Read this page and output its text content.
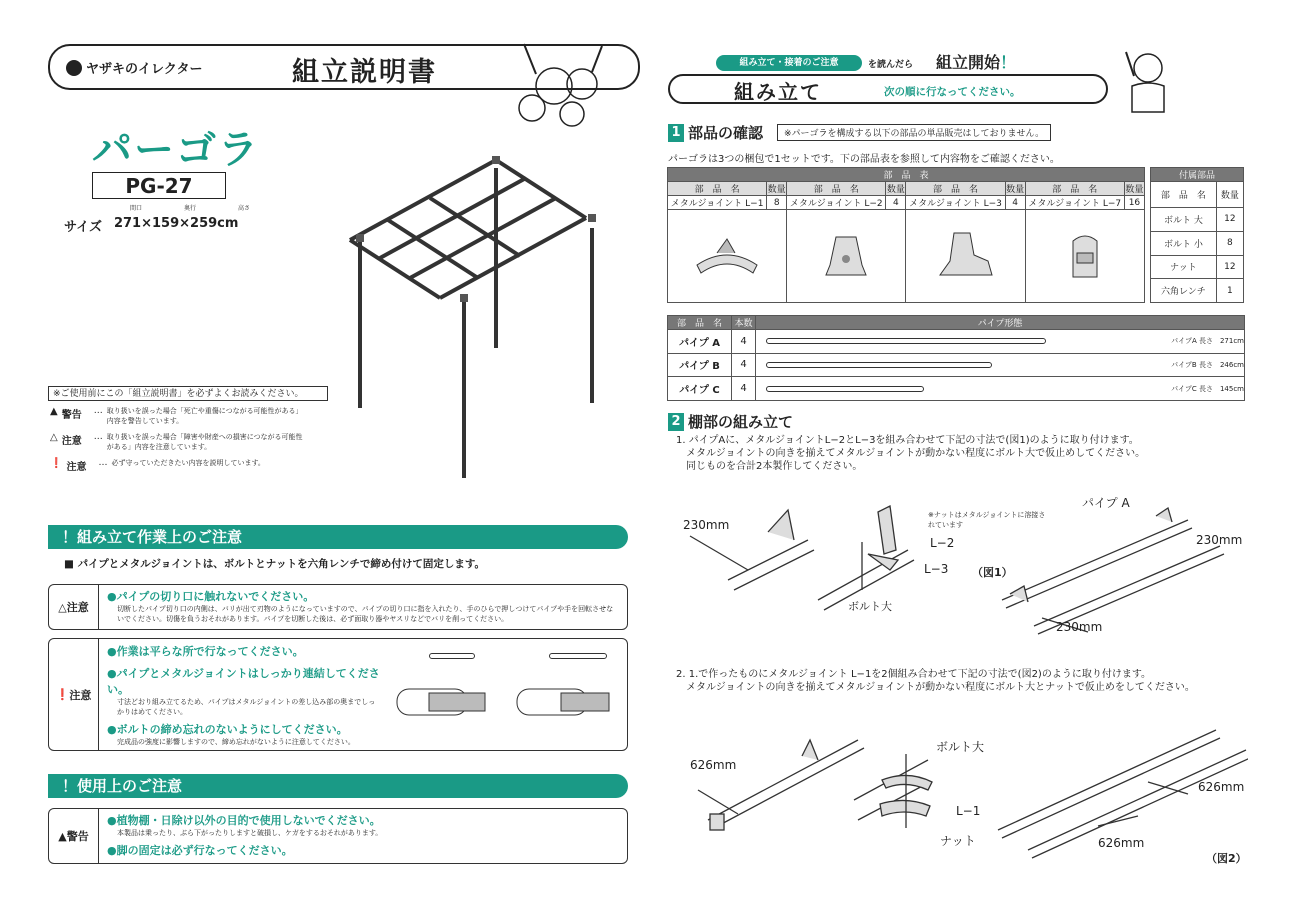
ヤザキのイレクター	組立説明書
パーゴラ
PG-27
間口	奥行	高さ
サイズ 271×159×259cm
※ご使用前にこの「組立説明書」を必ずよくお読みください。
▲ 警告	… 取り扱いを誤った場合「死亡や重傷につながる可能性がある」内容を警告しています。
△ 注意	… 取り扱いを誤った場合「障害や財産への損害につながる可能性がある」内容を注意しています。
❗ 注意	… 必ず守っていただきたい内容を説明しています。
！組み立て作業上のご注意
■ パイプとメタルジョイントは、ボルトとナットを六角レンチで締め付けて固定します。
△ 注意
●パイプの切り口に触れないでください。
切断したパイプ切り口の内側は、バリが出て刃物のようになっていますので、パイプの切り口に指を入れたり、手のひらで押しつけてパイプや手を回転させないでください。切傷を負うおそれがあります。パイプを切断した後は、必ず面取り器やヤスリなどでバリを削ってください。
❗ 注意
●作業は平らな所で行なってください。
●パイプとメタルジョイントはしっかり連結してください。
寸法どおり組み立てるため、パイプはメタルジョイントの差し込み部の奥までしっかりはめてください。
●ボルトの締め忘れのないようにしてください。
完成品の強度に影響しますので、締め忘れがないように注意してください。
！使用上のご注意
▲ 警告
●植物棚・日除け以外の目的で使用しないでください。
本製品は乗ったり、ぶら下がったりしますと破損し、ケガをするおそれがあります。
●脚の固定は必ず行なってください。
組み立て・接着のご注意	を読んだら 組立開始！
組み立て	次の順に行なってください。
1 部品の確認	※パーゴラを構成する以下の部品の単品販売はしておりません。
パーゴラは3つの梱包で1セットです。下の部品表を参照して内容物をご確認ください。
部　品　表							
部　品　名	数量	部　品　名	数量	部　品　名	数量	部　品　名	数量
メタルジョイント L−1	8	メタルジョイント L−2	4	メタルジョイント L−3	4	メタルジョイント L−7	16

付属部品	
部　品　名	数量
ボルト 大	12
ボルト 小	8
ナット	12
六角レンチ	1
部　品　名	本数	パイプ形態	
パイプ A	4		パイプA 長さ　271cm
パイプ B	4		パイプB 長さ　246cm
パイプ C	4		パイプC 長さ　145cm
2 棚部の組み立て
1. パイプAに、メタルジョイントL−2とL−3を組み合わせて下記の寸法で(図1)のように取り付けます。
メタルジョイントの向きを揃えてメタルジョイントが動かない程度にボルト大で仮止めしてください。
同じものを合計2本製作してください。
230mm
※ナットはメタルジョイントに溶接されています
L−2
L−3 （図1）
ボルト大
パイプ A
230mm
230mm
2. 1.で作ったものにメタルジョイント L−1を2個組み合わせて下記の寸法で(図2)のように取り付けます。
メタルジョイントの向きを揃えてメタルジョイントが動かない程度にボルト大とナットで仮止めをしてください。
626mm
ボルト大
L−1
ナット
626mm
626mm
（図2）
